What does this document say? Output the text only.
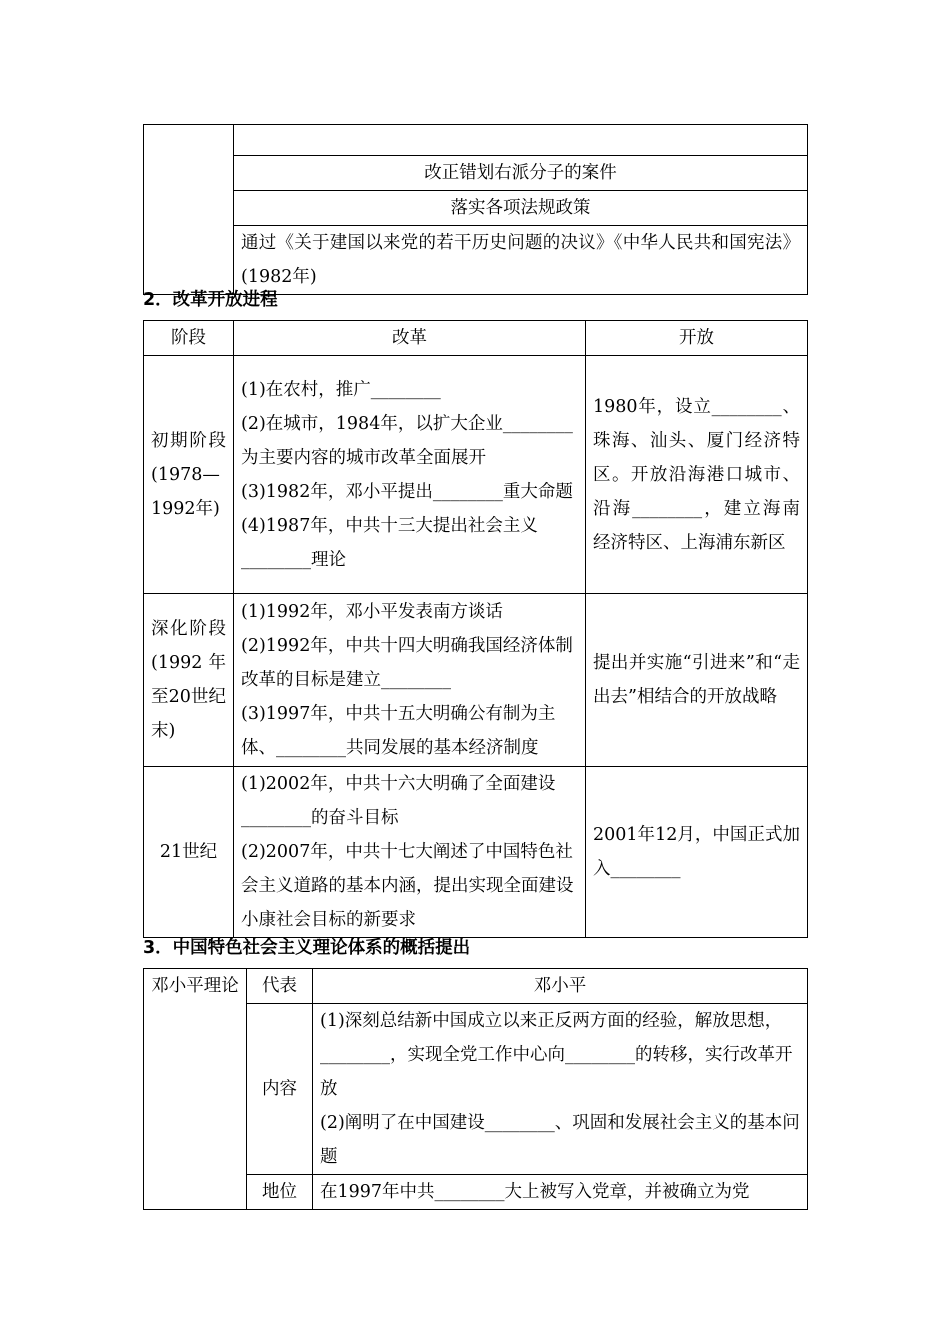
改正错划右派分子的案件
落实各项法规政策
通过《关于建国以来党的若干历史问题的决议》《中华人民共和国宪法》(1982年)
2．改革开放进程
阶段	改革	开放
初期阶段(1978—1992年)	(1)在农村，推广________
(2)在城市，1984年，以扩大企业________为主要内容的城市改革全面展开
(3)1982年，邓小平提出________重大命题
(4)1987年，中共十三大提出社会主义________理论	1980年，设立________、珠海、汕头、厦门经济特区。开放沿海港口城市、沿海________，建立海南经济特区、上海浦东新区
深化阶段(1992年至20世纪末)	(1)1992年，邓小平发表南方谈话
(2)1992年，中共十四大明确我国经济体制改革的目标是建立________
(3)1997年，中共十五大明确公有制为主体、________共同发展的基本经济制度	提出并实施“引进来”和“走出去”相结合的开放战略
21世纪	(1)2002年，中共十六大明确了全面建设________的奋斗目标
(2)2007年，中共十七大阐述了中国特色社会主义道路的基本内涵，提出实现全面建设小康社会目标的新要求	2001年12月，中国正式加入________
3．中国特色社会主义理论体系的概括提出
邓小平理论	代表	邓小平
	内容	(1)深刻总结新中国成立以来正反两方面的经验，解放思想，________，实现全党工作中心向________的转移，实行改革开放
(2)阐明了在中国建设________、巩固和发展社会主义的基本问题

	地位	在1997年中共________大上被写入党章，并被确立为党
